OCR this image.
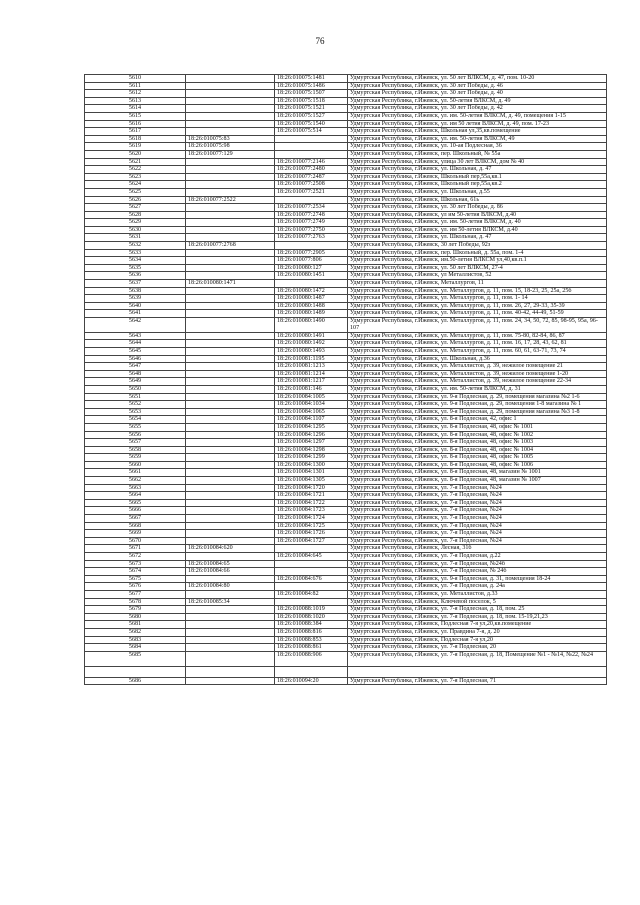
76
5610		18:26:010075:1481	Удмуртская Республика, г.Ижевск, ул. 50 лет ВЛКСМ, д. 47, пом. 10-20
5611		18:26:010075:1486	Удмуртская Республика, г.Ижевск, ул. 30 лет Победы, д. 46
5612		18:26:010075:1507	Удмуртская Республика, г.Ижевск, ул. 30 лет Победы, д. 40
5613		18:26:010075:1518	Удмуртская Республика, г.Ижевск, ул. 50-летия ВЛКСМ, д. 49
5614		18:26:010075:1521	Удмуртская Республика, г.Ижевск, ул. 30 лет Победы, д. 42
5615		18:26:010075:1527	Удмуртская Республика, г.Ижевск, ул. им. 50-летия ВЛКСМ, д. 49, помещения 1-15
5616		18:26:010075:1540	Удмуртская Республика, г.Ижевск, ул. им 50 летия ВЛКСМ, д. 49, пом. 17-23
5617		18:26:010075:514	Удмуртская Республика, г.Ижевск, Школьная ул,35,кв.помещение
5618	18:26:010075:83		Удмуртская Республика, г.Ижевск, ул. им. 50-летия ВЛКСМ, 49
5619	18:26:010075:98		Удмуртская Республика, г.Ижевск, ул. 10-ая Подлесная, 36
5620	18:26:010077:129		Удмуртская Республика, г.Ижевск, пер. Школьный, № 55а
5621		18:26:010077:2146	Удмуртская Республика, г.Ижевск, улица 30 лет ВЛКСМ, дом № 40
5622		18:26:010077:2480	Удмуртская Республика, г.Ижевск, ул. Школьная, д. 47
5623		18:26:010077:2487	Удмуртская Республика, г.Ижевск, Школьный пер,55а,кв.1
5624		18:26:010077:2508	Удмуртская Республика, г.Ижевск, Школьный пер,55а,кв.2
5625		18:26:010077:2521	Удмуртская Республика, г.Ижевск, ул. Школьная, д.55
5626	18:26:010077:2522		Удмуртская Республика, г.Ижевск, Школьная, 61ь
5627		18:26:010077:2534	Удмуртская Республика, г.Ижевск, ул. 30 лет Победы, д. 86
5628		18:26:010077:2748	Удмуртская Республика, г.Ижевск, ул им 50-летия ВЛКСМ, д.40
5629		18:26:010077:2749	Удмуртская Республика, г.Ижевск, ул. им. 50-летия ВЛКСМ, д. 40
5630		18:26:010077:2750	Удмуртская Республика, г.Ижевск, ул. им 50-летия ВЛКСМ, д.40
5631		18:26:010077:2763	Удмуртская Республика, г.Ижевск, ул. Школьная, д. 47
5632	18:26:010077:2768		Удмуртская Республика, г.Ижевск, 30 лет Победы, 92з
5633		18:26:010077:2905	Удмуртская Республика, г.Ижевск, пер. Школьный, д. 55а, пом. 1-4
5634		18:26:010077:806	Удмуртская Республика, г.Ижевск, им.50-летия ВЛКСМ ул,40,кв.п.1
5635		18:26:010080:127	Удмуртская Республика, г.Ижевск, ул. 50 лет ВЛКСМ, 27-4
5636		18:26:010080:1451	Удмуртская Республика, г.Ижевск, ул Металлистов, 52
5637	18:26:010080:1471		Удмуртская Республика, г.Ижевск, Металлургов, 11
5638		18:26:010080:1472	Удмуртская Республика, г.Ижевск, ул. Металлургов, д. 11, пом. 15, 18-23, 25, 25а, 25б
5639		18:26:010080:1487	Удмуртская Республика, г.Ижевск, ул. Металлургов, д. 11, пом. 1- 14
5640		18:26:010080:1488	Удмуртская Республика, г.Ижевск, ул. Металлургов, д. 11, пом. 26, 27, 29-33, 35-39
5641		18:26:010080:1489	Удмуртская Республика, г.Ижевск, ул. Металлургов, д. 11, пом. 40-42, 44-49, 51-59
5642		18:26:010080:1490	Удмуртская Республика, г.Ижевск, ул. Металлургов, д. 11, пом. 24, 34, 50, 72, 85, 98-95, 95а, 96-107
5643		18:26:010080:1491	Удмуртская Республика, г.Ижевск, ул. Металлургов, д. 11, пом. 75-80, 82-84, 86, 87
5644		18:26:010080:1492	Удмуртская Республика, г.Ижевск, ул. Металлургов, д. 11, пом. 16, 17, 28, 43, 62, 81
5645		18:26:010080:1493	Удмуртская Республика, г.Ижевск, ул. Металлургов, д. 11, пом. 60, 61, 63-71, 73, 74
5646		18:26:010081:1195	Удмуртская Республика, г.Ижевск, ул. Школьная, д.36
5647		18:26:010081:1213	Удмуртская Республика, г.Ижевск, ул. Металлистов, д. 39, нежилое помещение 21
5648		18:26:010081:1214	Удмуртская Республика, г.Ижевск, ул. Металлистов, д. 39, нежилое помещение 1-20
5649		18:26:010081:1217	Удмуртская Республика, г.Ижевск, ул. Металлистов, д. 39, нежилое помещение 22-34
5650		18:26:010081:146	Удмуртская Республика, г.Ижевск, ул. им. 50-летия ВЛКСМ, д. 31
5651		18:26:010084:1005	Удмуртская Республика, г.Ижевск, ул. 9-я Подлесная, д. 29, помещения магазина №2 1-6
5652		18:26:010084:1034	Удмуртская Республика, г.Ижевск, ул. 9-я Подлесная, д. 29, помещения 1-8 магазина № 1
5653		18:26:010084:1065	Удмуртская Республика, г.Ижевск, ул. 9-я Подлесная, д. 29, помещения магазина №3 1-8
5654		18:26:010084:1107	Удмуртская Республика, г.Ижевск, ул. 8-я Подлесная, 42, офис 1
5655		18:26:010084:1295	Удмуртская Республика, г.Ижевск, ул. 8-я Подлесная, 48, офис № 1001
5656		18:26:010084:1296	Удмуртская Республика, г.Ижевск, ул. 8-я Подлесная, 48, офис № 1002
5657		18:26:010084:1297	Удмуртская Республика, г.Ижевск, ул. 8-я Подлесная, 48, офис № 1003
5658		18:26:010084:1298	Удмуртская Республика, г.Ижевск, ул. 8-я Подлесная, 48, офис № 1004
5659		18:26:010084:1299	Удмуртская Республика, г.Ижевск, ул. 8-я Подлесная, 48, офис № 1005
5660		18:26:010084:1300	Удмуртская Республика, г.Ижевск, ул. 8-я Подлесная, 48, офис № 1006
5661		18:26:010084:1301	Удмуртская Республика, г.Ижевск, ул. 8-я Подлесная, 48, магазин № 1001
5662		18:26:010084:1305	Удмуртская Республика, г.Ижевск, ул. 8-я Подлесная, 48, магазин № 1007
5663		18:26:010084:1720	Удмуртская Республика, г.Ижевск, ул. 7-я Подлесная, №24
5664		18:26:010084:1721	Удмуртская Республика, г.Ижевск, ул. 7-я Подлесная, №24
5665		18:26:010084:1722	Удмуртская Республика, г.Ижевск, ул. 7-я Подлесная, №24
5666		18:26:010084:1723	Удмуртская Республика, г.Ижевск, ул. 7-я Подлесная, №24
5667		18:26:010084:1724	Удмуртская Республика, г.Ижевск, ул. 7-я Подлесная, №24
5668		18:26:010084:1725	Удмуртская Республика, г.Ижевск, ул. 7-я Подлесная, №24
5669		18:26:010084:1726	Удмуртская Республика, г.Ижевск, ул. 7-я Подлесная, №24
5670		18:26:010084:1727	Удмуртская Республика, г.Ижевск, ул. 7-я Подлесная, №24
5671	18:26:010084:620		Удмуртская Республика, г.Ижевск, Лесная, 31б
5672		18:26:010084:645	Удмуртская Республика, г.Ижевск, ул. 7-я Подлесная, д.22
5673	18:26:010084:65		Удмуртская Республика, г.Ижевск, ул. 7-я Подлесная, №24б
5674	18:26:010084:66		Удмуртская Республика, г.Ижевск, ул. 7-я Подлесная, № 24б
5675		18:26:010084:676	Удмуртская Республика, г.Ижевск, ул. 9-я Подлесная, д. 31, помещения 18-24
5676	18:26:010084:80		Удмуртская Республика, г.Ижевск, ул. 7-я Подлесная, д. 24а
5677		18:26:010084:82	Удмуртская Республика, г.Ижевск, ул. Металлистов, д.33
5678	18:26:010085:34		Удмуртская Республика, г.Ижевск, Ключевой поселок, 5
5679		18:26:010088:1019	Удмуртская Республика, г.Ижевск, ул. 7-я Подлесная, д. 18, пом. 25
5680		18:26:010088:1020	Удмуртская Республика, г.Ижевск, ул. 7-я Подлесная, д. 18, пом. 15-19,21,23
5681		18:26:010088:384	Удмуртская Республика, г.Ижевск, Подлесная 7-я ул,20,кв.помещение
5682		18:26:010088:816	Удмуртская Республика, г.Ижевск, ул. Правдина 7-я, д. 20
5683		18:26:010088:853	Удмуртская Республика, г.Ижевск, Подлесная 7-я ул,20
5684		18:26:010088:861	Удмуртская Республика, г.Ижевск, ул. 7-я Подлесная, 20
5685		18:26:010088:906	Удмуртская Республика, г.Ижевск, ул. 7-я Подлесная, д. 18, Помещение №1 - №14, №22, №24

5686		18:26:010094:20	Удмуртская Республика, г.Ижевск, ул. 7-я Подлесная, 71
